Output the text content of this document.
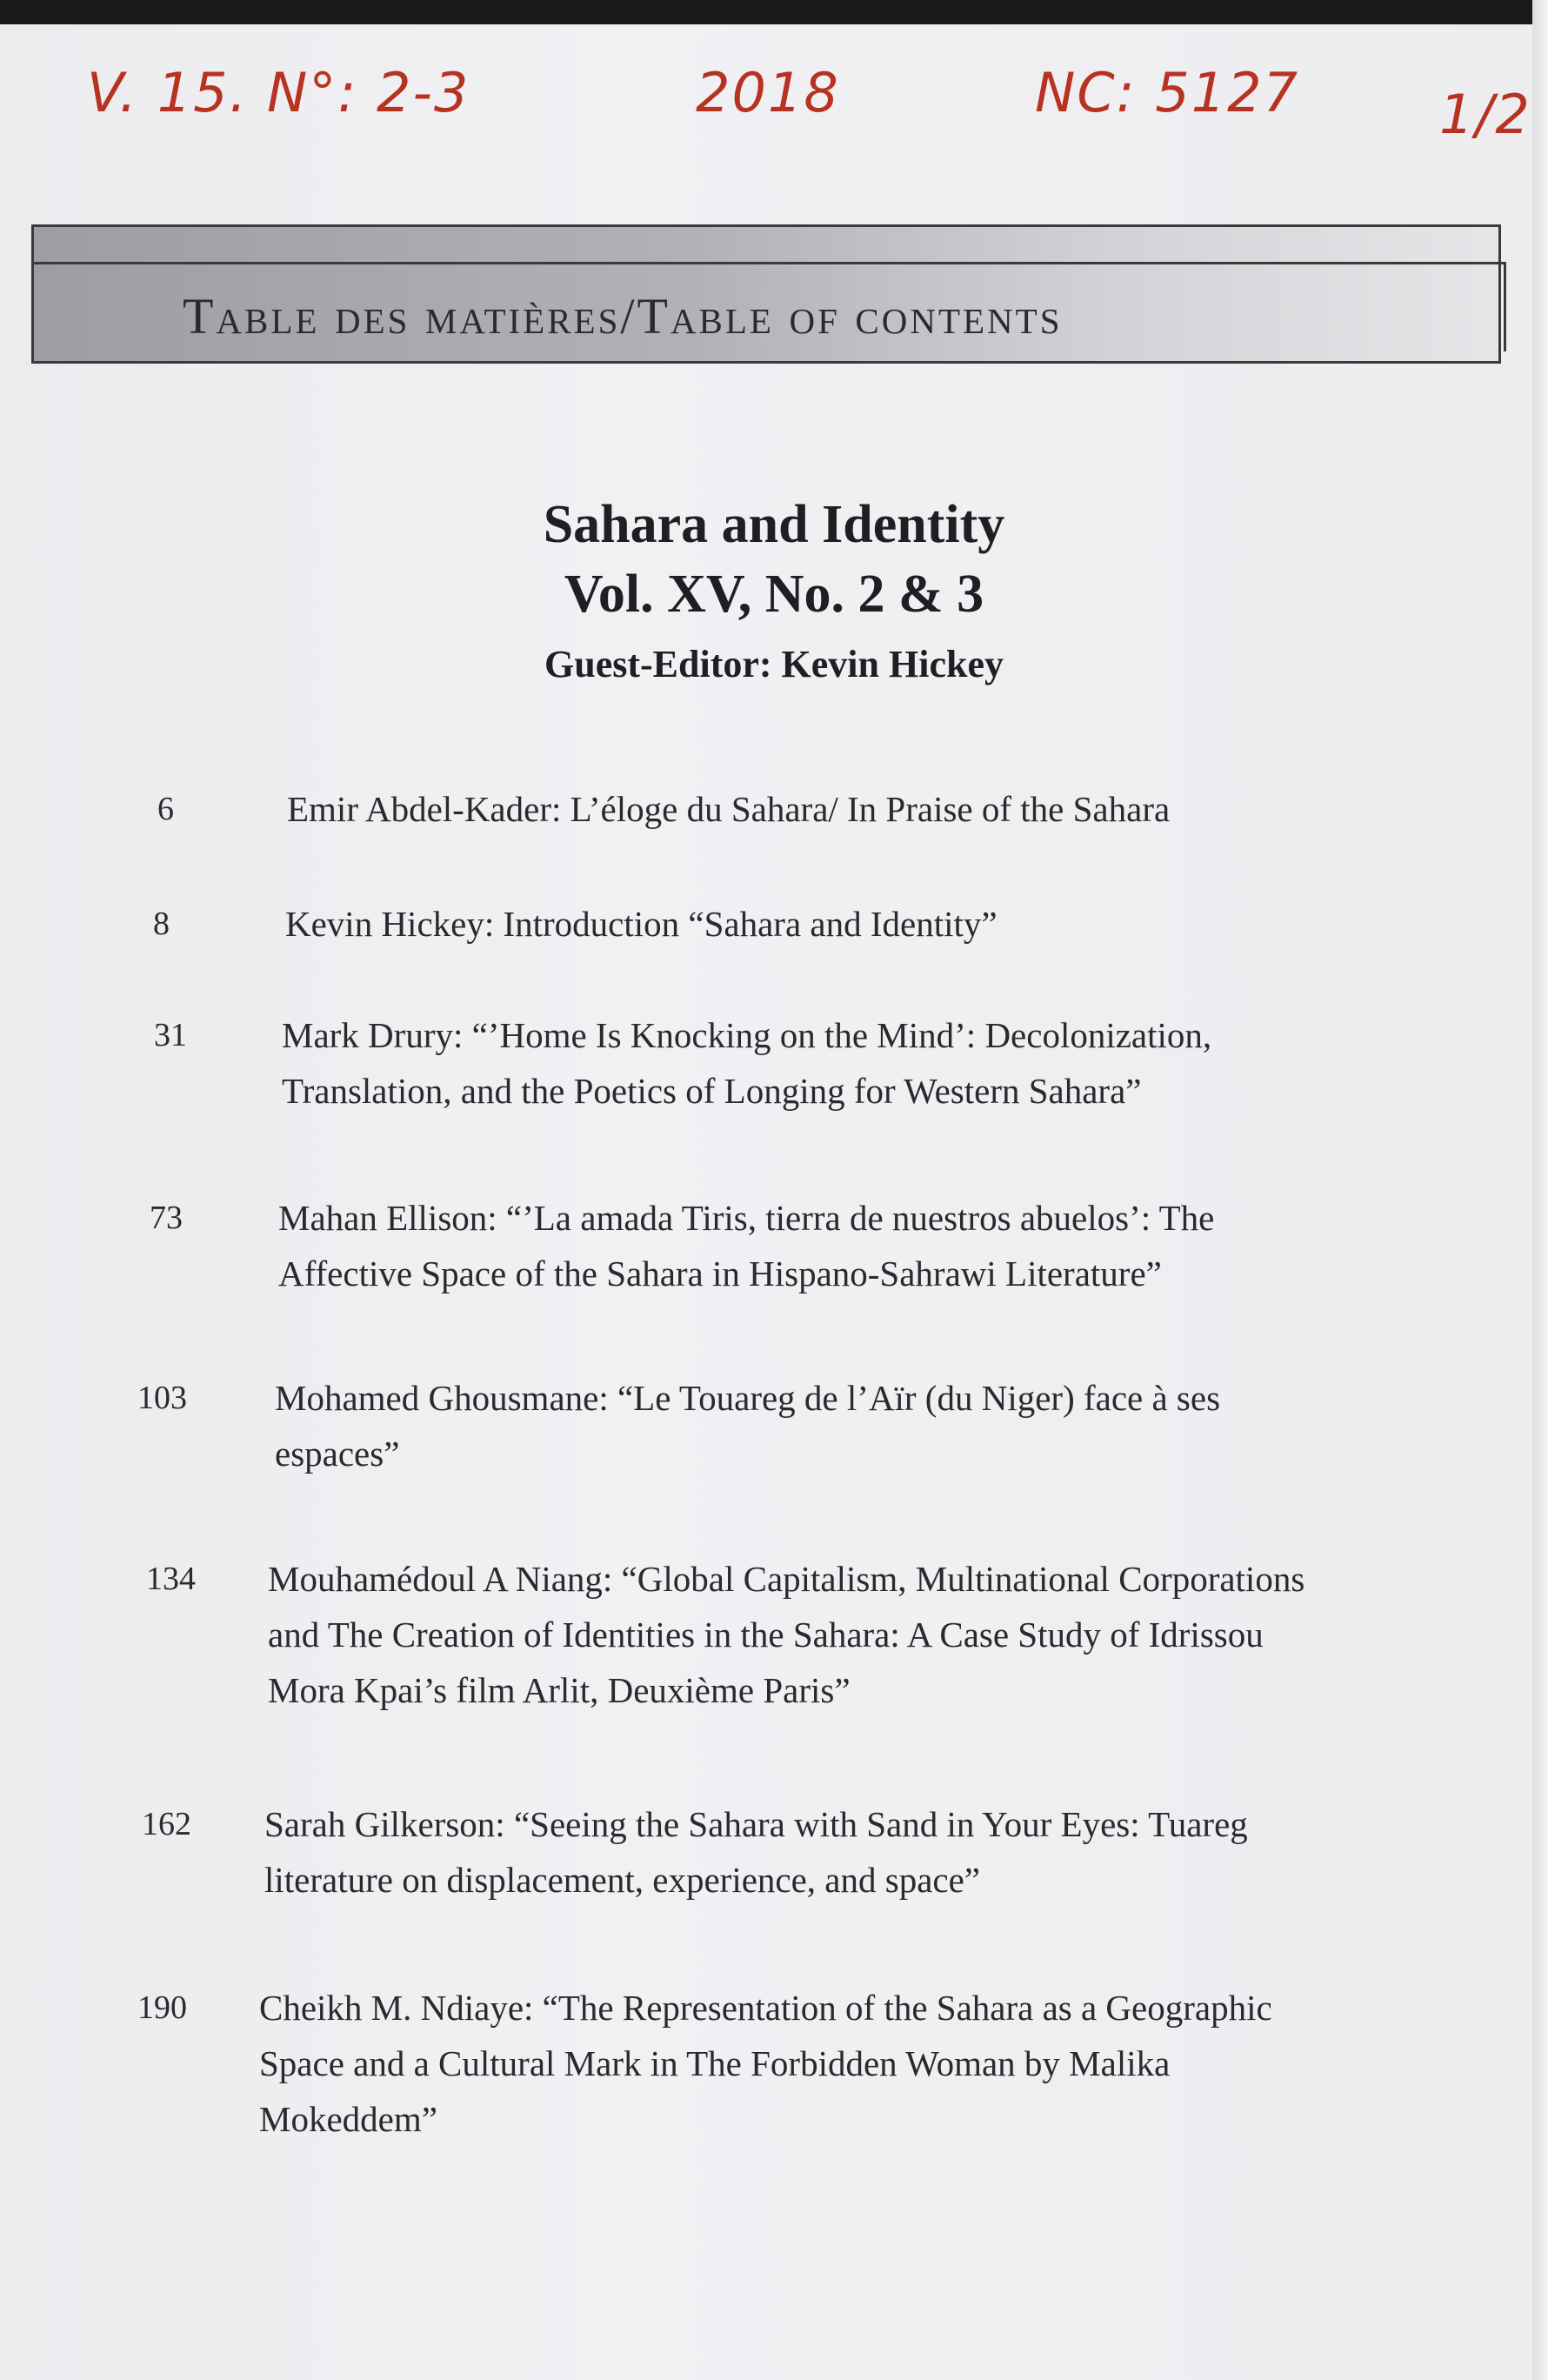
V. 15. N°: 2-3	2018	NC: 5127	1/2
Table des matières/Table of contents
Sahara and Identity
Vol. XV, No. 2 & 3
Guest-Editor: Kevin Hickey
6	Emir Abdel-Kader: L’éloge du Sahara/ In Praise of the Sahara
8	Kevin Hickey: Introduction “Sahara and Identity”
31	Mark Drury: “’Home Is Knocking on the Mind’: Decolonization, Translation, and the Poetics of Longing for Western Sahara”
73	Mahan Ellison: “’La amada Tiris, tierra de nuestros abuelos’: The Affective Space of the Sahara in Hispano-Sahrawi Literature”
103 Mohamed Ghousmane: “Le Touareg de l’Aïr (du Niger) face à ses espaces”
134 Mouhamédoul A Niang: “Global Capitalism, Multinational Corporations and The Creation of Identities in the Sahara: A Case Study of Idrissou Mora Kpai’s film Arlit, Deuxième Paris”
162 Sarah Gilkerson: “Seeing the Sahara with Sand in Your Eyes: Tuareg literature on displacement, experience, and space”
190 Cheikh M. Ndiaye: “The Representation of the Sahara as a Geographic Space and a Cultural Mark in The Forbidden Woman by Malika Mokeddem”
